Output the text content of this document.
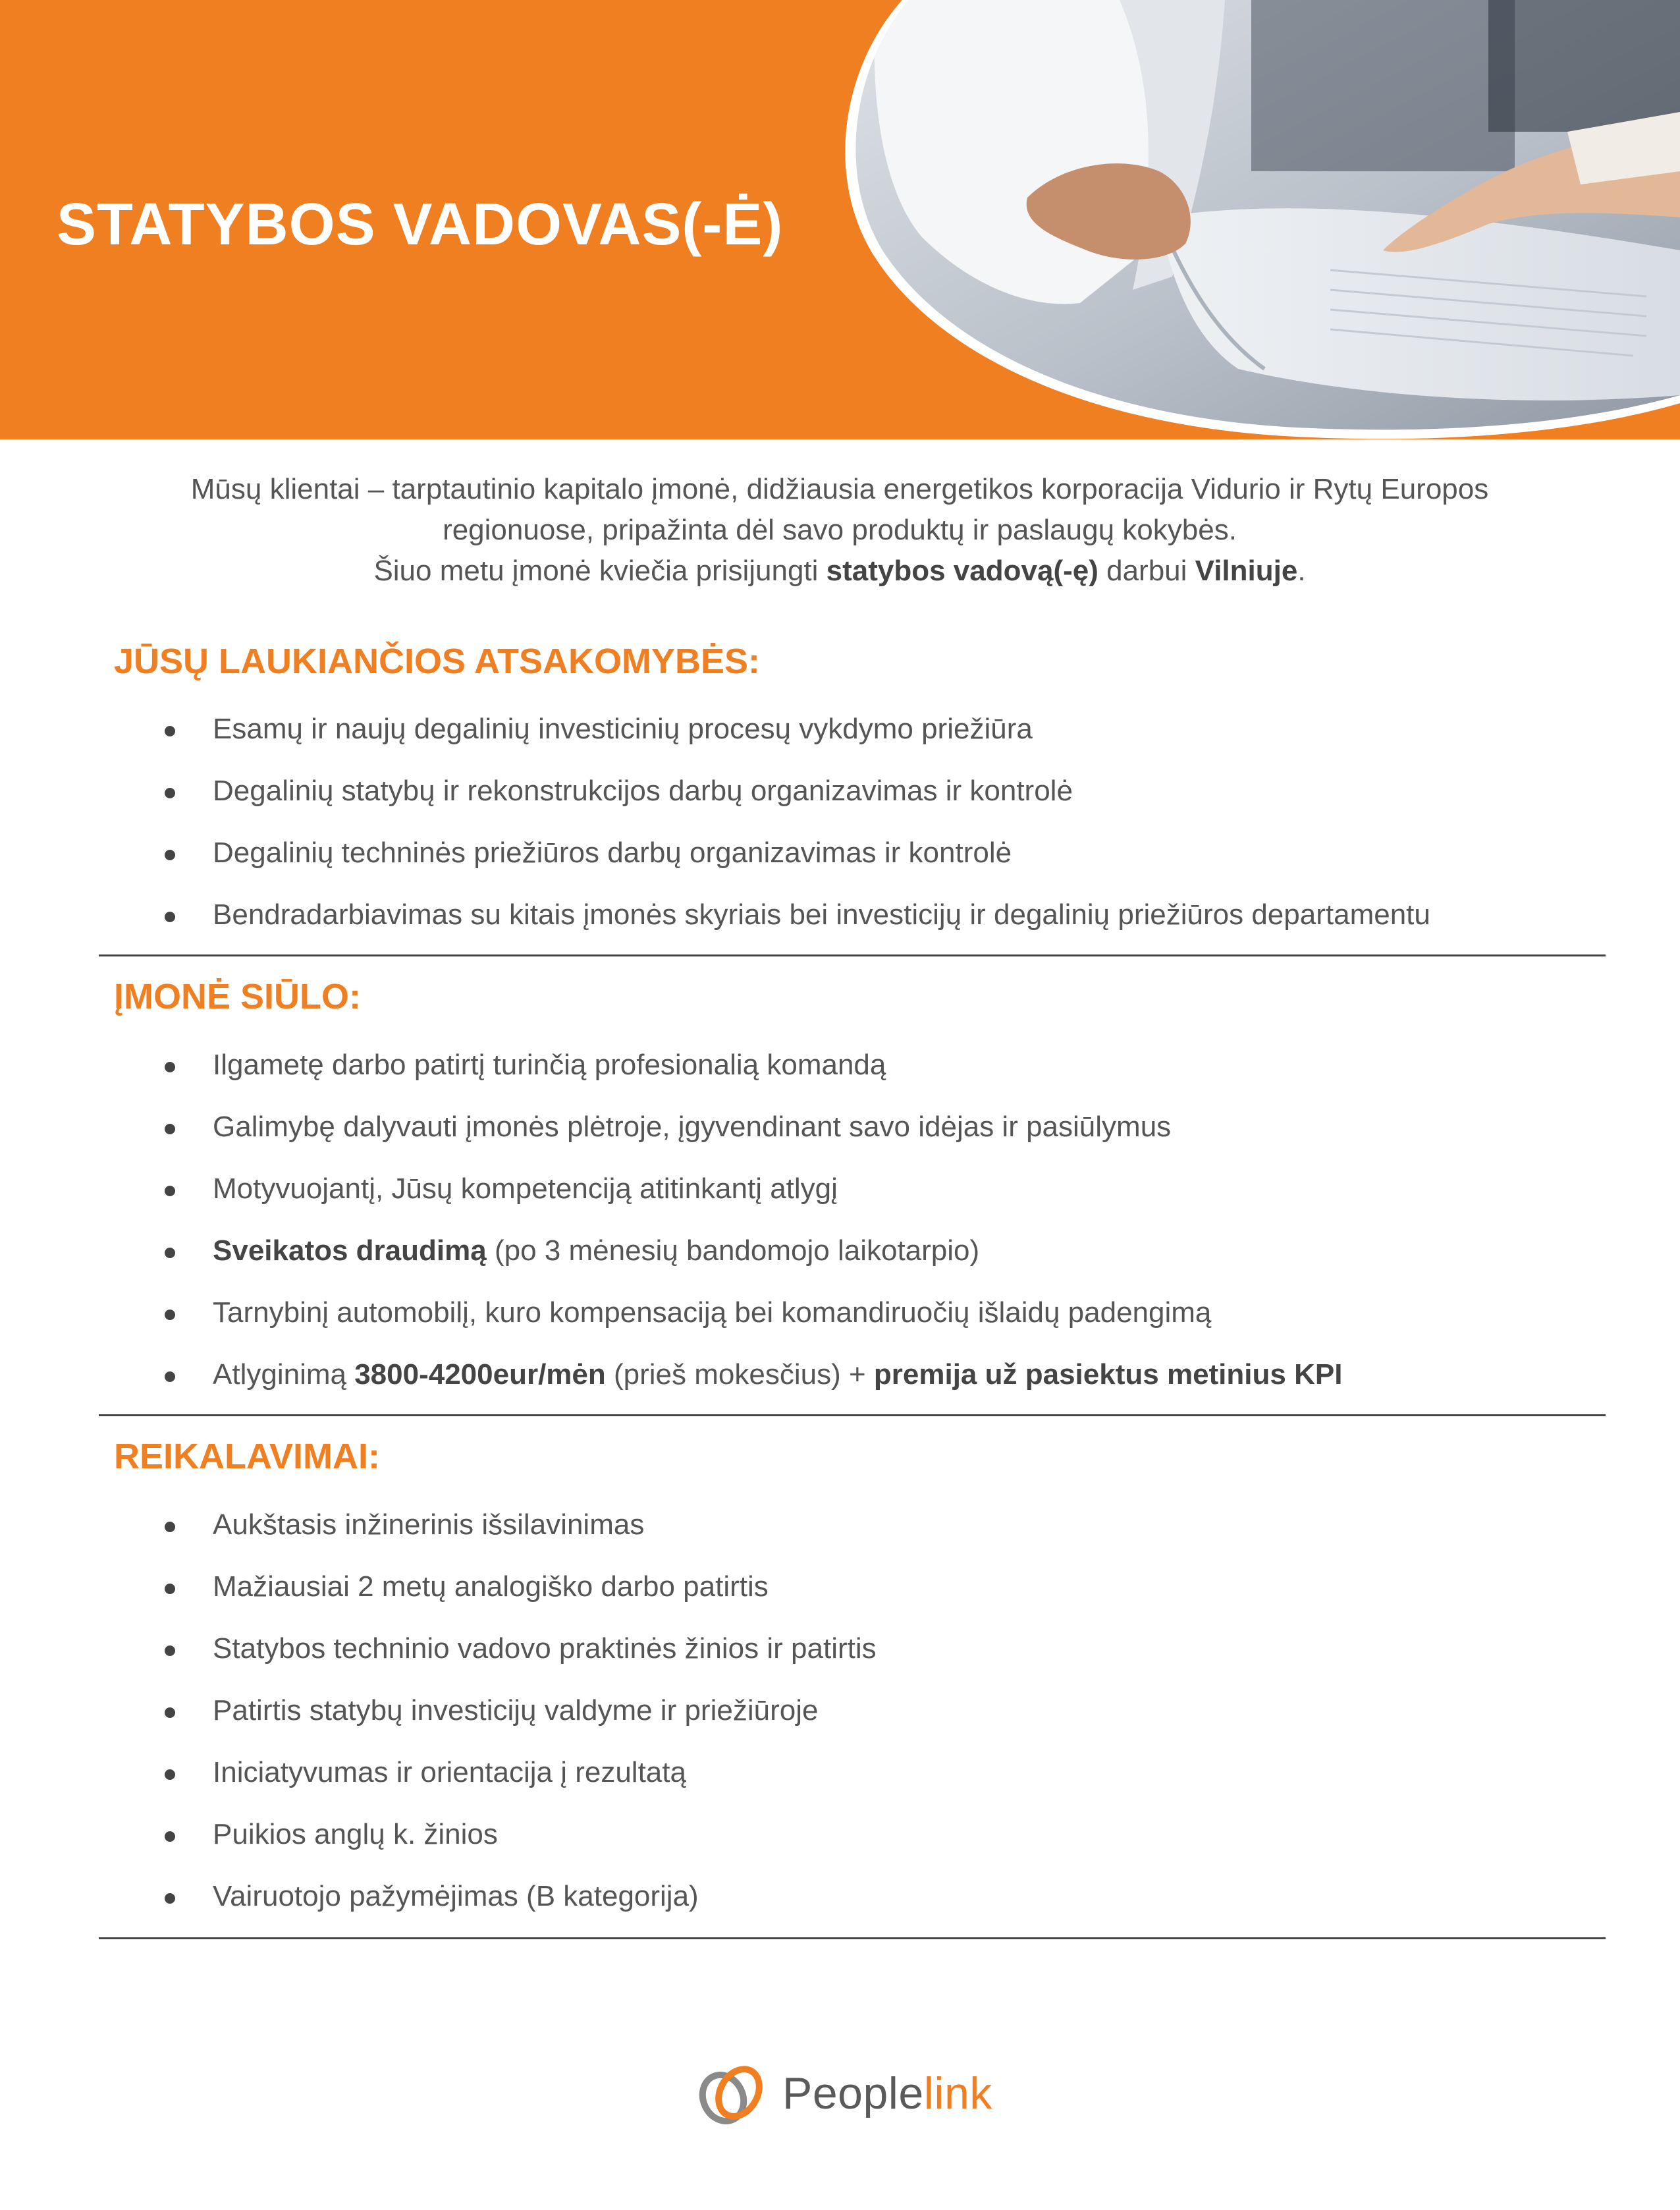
STATYBOS VADOVAS(-Ė)

Mūsų klientai – tarptautinio kapitalo įmonė, didžiausia energetikos korporacija Vidurio ir Rytų Europos

regionuose, pripažinta dėl savo produktų ir paslaugų kokybės.

Šiuo metu įmonė kviečia prisijungti statybos vadovą(-ę) darbui Vilniuje.

JŪSŲ LAUKIANČIOS ATSAKOMYBĖS:
Esamų ir naujų degalinių investicinių procesų vykdymo priežiūra
Degalinių statybų ir rekonstrukcijos darbų organizavimas ir kontrolė
Degalinių techninės priežiūros darbų organizavimas ir kontrolė
Bendradarbiavimas su kitais įmonės skyriais bei investicijų ir degalinių priežiūros departamentu
ĮMONĖ SIŪLO:
Ilgametę darbo patirtį turinčią profesionalią komandą
Galimybę dalyvauti įmonės plėtroje, įgyvendinant savo idėjas ir pasiūlymus
Motyvuojantį, Jūsų kompetenciją atitinkantį atlygį
Sveikatos draudimą (po 3 mėnesių bandomojo laikotarpio)
Tarnybinį automobilį, kuro kompensaciją bei komandiruočių išlaidų padengimą
Atlyginimą 3800-4200eur/mėn (prieš mokesčius) + premija už pasiektus metinius KPI
REIKALAVIMAI:
Aukštasis inžinerinis išsilavinimas
Mažiausiai 2 metų analogiško darbo patirtis
Statybos techninio vadovo praktinės žinios ir patirtis
Patirtis statybų investicijų valdyme ir priežiūroje
Iniciatyvumas ir orientacija į rezultatą
Puikios anglų k. žinios
Vairuotojo pažymėjimas (B kategorija)
Peoplelink
